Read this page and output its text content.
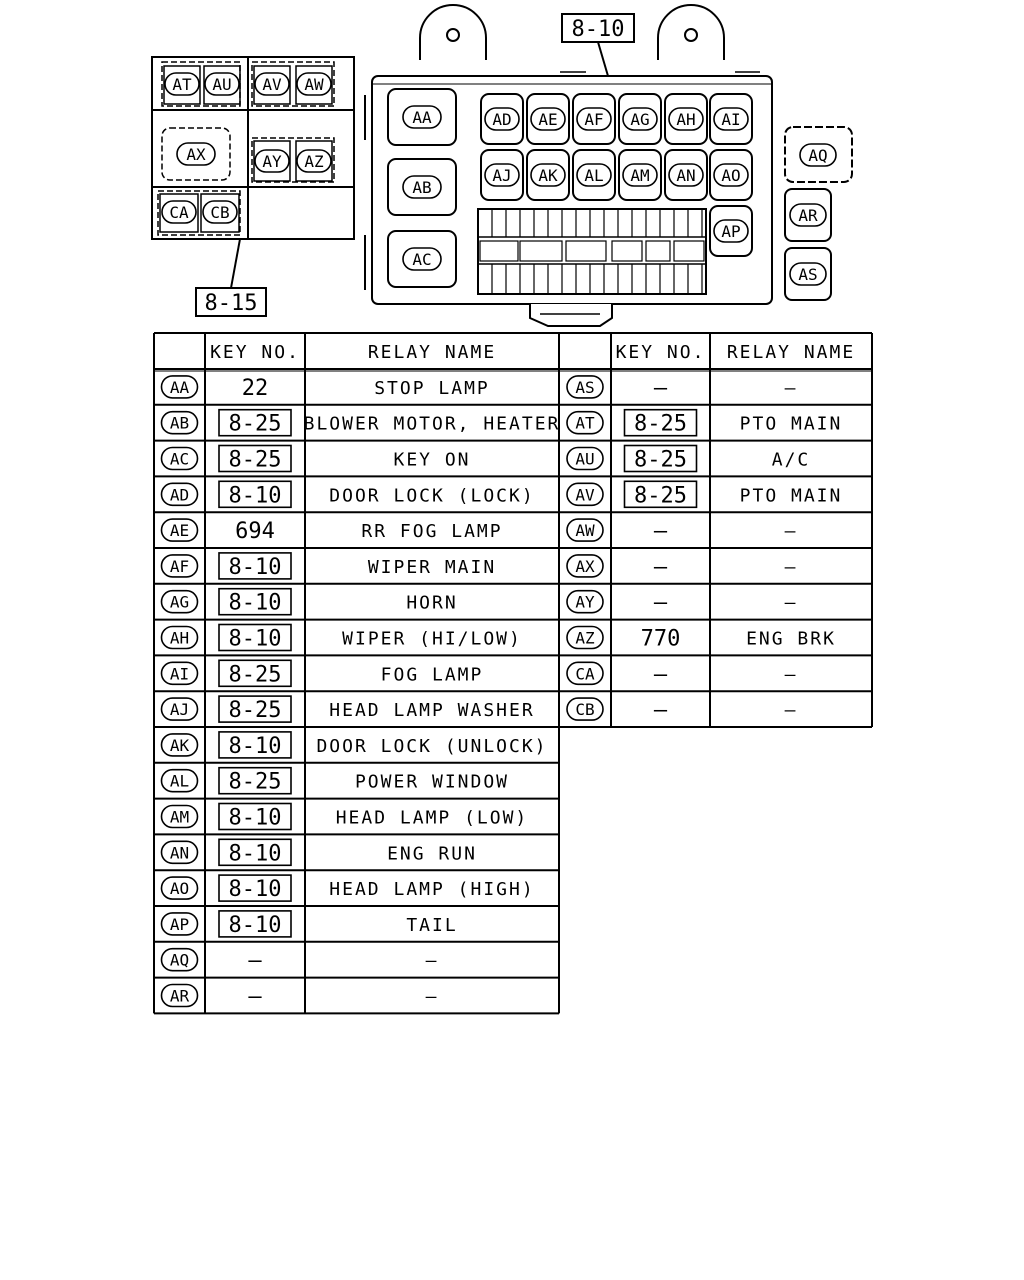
AT AU AV AW
AX	AY AZ
CA CB
8-15
AA
AB
AC
AD AE AF AG AH AI
AJ AK AL AM AN AO
AP
8-10
AQ
AR
AS
KEY NO.	RELAY NAME	KEY NO. RELAY NAME
AA 22	STOP LAMP
AB 8-25 BLOWER MOTOR, HEATER
AC 8-25	KEY ON
AD 8-10	DOOR LOCK (LOCK)
AE 694	RR FOG LAMP
AF 8-10	WIPER MAIN
AG 8-10	HORN
AH 8-10	WIPER (HI/LOW)
AI 8-25	FOG LAMP
AJ 8-25	HEAD LAMP WASHER
AK 8-10 DOOR LOCK (UNLOCK)
AL 8-25	POWER WINDOW
AM 8-10	HEAD LAMP (LOW)
AN 8-10	ENG RUN
AO 8-10	HEAD LAMP (HIGH)
AP 8-10	TAIL
AQ	—	—
AR	—	—
AS	—	—
AT 8-25	PTO MAIN
AU 8-25	A/C
AV 8-25	PTO MAIN
AW	—	—
AX	—	—
AY	—	—
AZ 770	ENG BRK
CA	—	—
CB	—	—
